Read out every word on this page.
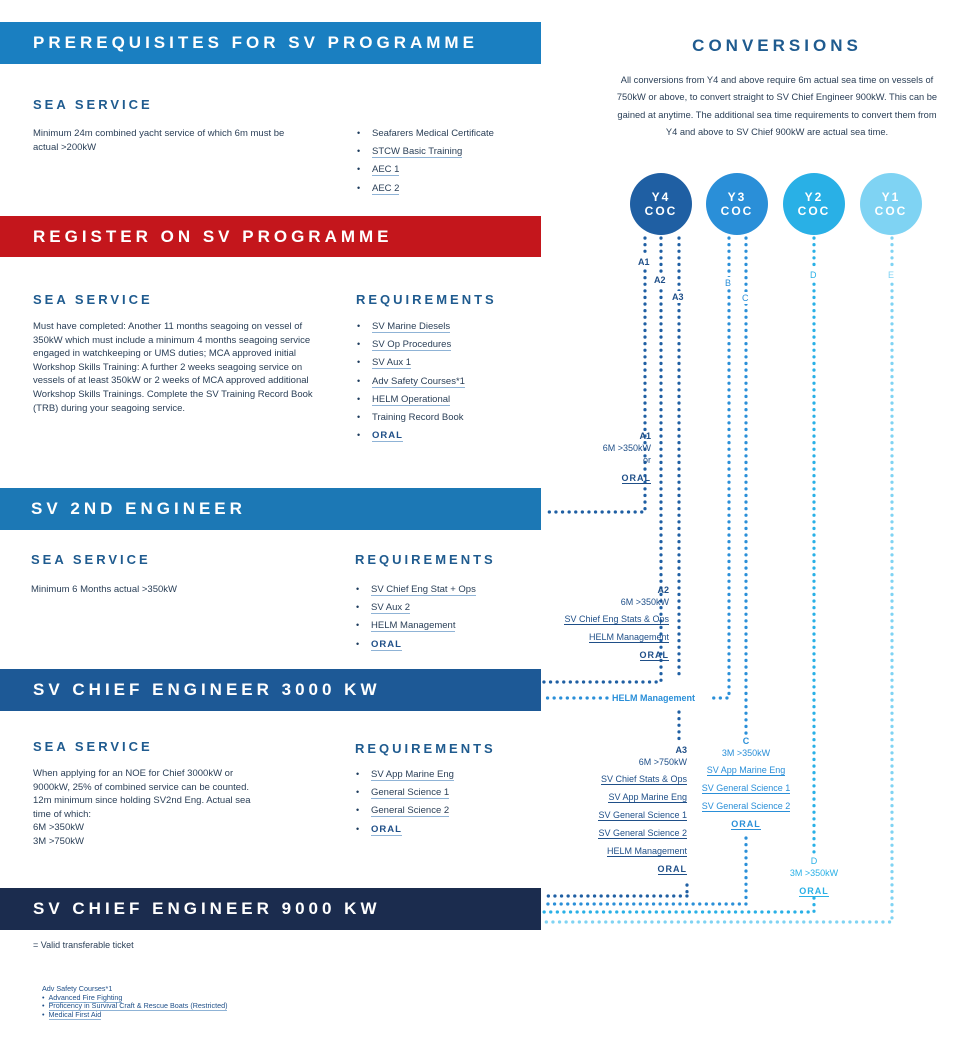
PREREQUISITES FOR SV PROGRAMME
SEA SERVICE
Minimum 24m combined yacht service of which 6m must be actual >200kW
• Seafarers Medical Certificate
• STCW Basic Training
• AEC 1
• AEC 2
REGISTER ON SV PROGRAMME
SEA SERVICE	REQUIREMENTS
Must have completed: Another 11 months seagoing on vessel of 350kW which must include a minimum 4 months seagoing service engaged in watchkeeping or UMS duties; MCA approved initial Workshop Skills Training: A further 2 weeks seagoing service on vessels of at least 350kW or 2 weeks of MCA approved additional Workshop Skills Trainings. Complete the SV Training Record Book (TRB) during your seagoing service.
• SV Marine Diesels
• SV Op Procedures
• SV Aux 1
• Adv Safety Courses*1
• HELM Operational
• Training Record Book
• ORAL
SV 2ND ENGINEER
SEA SERVICE	REQUIREMENTS
Minimum 6 Months actual >350kW
•	SV Chief Eng Stat + Ops
• SV Aux 2
• HELM Management
• ORAL
SV CHIEF ENGINEER 3000 KW
SEA SERVICE	REQUIREMENTS
When applying for an NOE for Chief 3000kW or
9000kW, 25% of combined service can be counted.
12m minimum since holding SV2nd Eng. Actual sea
time of which:
6M >350kW
3M >750kW
• SV App Marine Eng
• General Science 1
• General Science 2
• ORAL
SV CHIEF ENGINEER 9000 KW
= Valid transferable ticket
Adv Safety Courses*1
•  Advanced Fire Fighting
•  Proficency in Survival Craft & Rescue Boats (Restricted)
•  Medical First Aid
CONVERSIONS
All conversions from Y4 and above require 6m actual sea time on vessels of 750kW or above, to convert straight to SV Chief Engineer 900kW. This can be gained at anytime. The additional sea time requirements to convert them from Y4 and above to SV Chief 900kW are actual sea time.
Y4
COC
Y3
COC
Y2
COC
Y1
COC
A1
A2
A3
B
C
D	E
A1
6M >350kW
or
ORAL
A2
6M >350kW
SV Chief Eng Stats & Ops
HELM Management
ORAL
HELM Management
A3
6M >750kW
SV Chief Stats & Ops
SV App Marine Eng
SV General Science 1
SV General Science 2
HELM Management
ORAL
C
3M >350kW
SV App Marine Eng
SV General Science 1
SV General Science 2
ORAL
D
3M >350kW
ORAL
